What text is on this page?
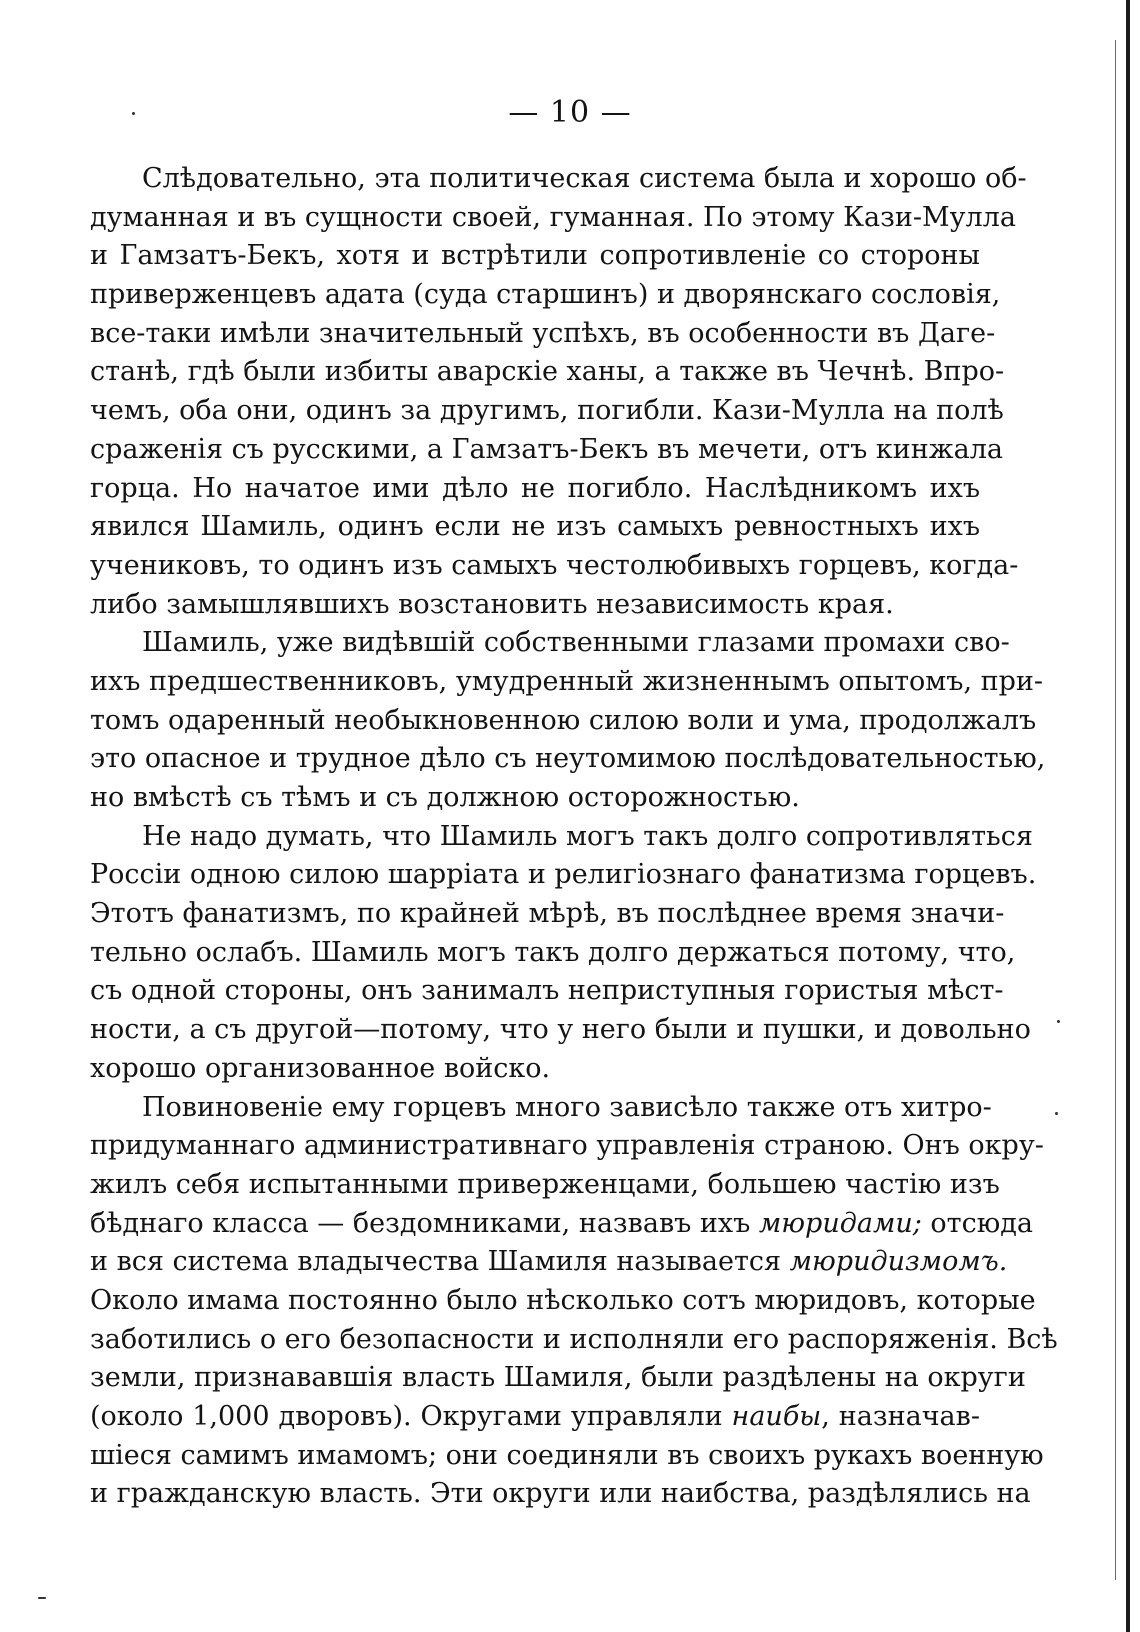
— 10 —
Слѣдовательно, эта политическая система была и хорошо об-
думанная и въ сущности своей, гуманная. По этому Кази-Мулла
и Гамзатъ-Бекъ, хотя и встрѣтили сопротивленіе со стороны
приверженцевъ адата (суда старшинъ) и дворянскаго сословія,
все-таки имѣли значительный успѣхъ, въ особенности въ Даге-
станѣ, гдѣ были избиты аварскіе ханы, а также въ Чечнѣ. Впро-
чемъ, оба они, одинъ за другимъ, погибли. Кази-Мулла на полѣ
сраженія съ русскими, а Гамзатъ-Бекъ въ мечети, отъ кинжала
горца. Но начатое ими дѣло не погибло. Наслѣдникомъ ихъ
явился Шамиль, одинъ если не изъ самыхъ ревностныхъ ихъ
учениковъ, то одинъ изъ самыхъ честолюбивыхъ горцевъ, когда-
либо замышлявшихъ возстановить независимость края.
Шамиль, уже видѣвшій собственными глазами промахи сво-
ихъ предшественниковъ, умудренный жизненнымъ опытомъ, при-
томъ одаренный необыкновенною силою воли и ума, продолжалъ
это опасное и трудное дѣло съ неутомимою послѣдовательностью,
но вмѣстѣ съ тѣмъ и съ должною осторожностью.
Не надо думать, что Шамиль могъ такъ долго сопротивляться
Россіи одною силою шарріата и религіознаго фанатизма горцевъ.
Этотъ фанатизмъ, по крайней мѣрѣ, въ послѣднее время значи-
тельно ослабъ. Шамиль могъ такъ долго держаться потому, что,
съ одной стороны, онъ занималъ неприступныя гористыя мѣст-
ности, а съ другой—потому, что у него были и пушки, и довольно
хорошо организованное войско.
Повиновеніе ему горцевъ много зависѣло также отъ хитро-
придуманнаго административнаго управленія страною. Онъ окру-
жилъ себя испытанными приверженцами, большею частію изъ
бѣднаго класса — бездомниками, назвавъ ихъ мюридами; отсюда
и вся система владычества Шамиля называется мюридизмомъ.
Около имама постоянно было нѣсколько сотъ мюридовъ, которые
заботились о его безопасности и исполняли его распоряженія. Всѣ
земли, признававшія власть Шамиля, были раздѣлены на округи
(около 1,000 дворовъ). Округами управляли наибы, назначав-
шіеся самимъ имамомъ; они соединяли въ своихъ рукахъ военную
и гражданскую власть. Эти округи или наибства, раздѣлялись на
